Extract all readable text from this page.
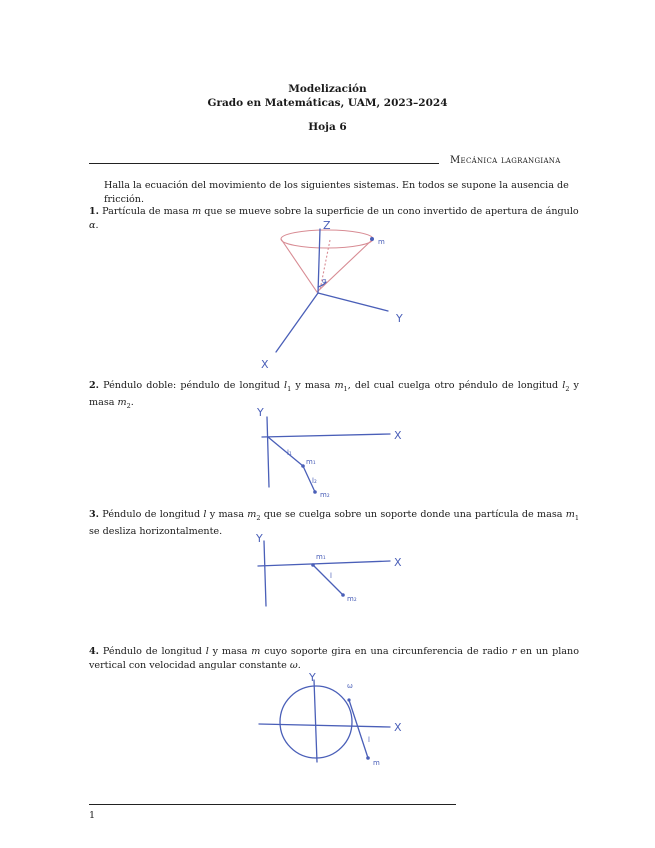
Modelización
Grado en Matemáticas, UAM, 2023–2024
Hoja 6
Mecánica lagrangiana
Halla la ecuación del movimiento de los siguientes sistemas. En todos se supone la ausencia de fricción.
1. Partícula de masa m que se mueve sobre la superficie de un cono invertido de apertura de ángulo α.	Z
Y
X
m
α
2. Péndulo doble: péndulo de longitud $l_1$ y masa $m_1$, del cual cuelga otro péndulo de longitud $l_2$ y masa $m_2$.
Y
X
l₁
m₁
l₂
m₂
3. Péndulo de longitud l y masa $m_2$ que se cuelga sobre un soporte donde una partícula de masa $m_1$ se desliza horizontalmente.
Y
X
m₁
l
m₂
4. Péndulo de longitud l y masa m cuyo soporte gira en una circunferencia de radio r en un plano vertical con velocidad angular constante ω.
Y
X
ω
l
m
1
